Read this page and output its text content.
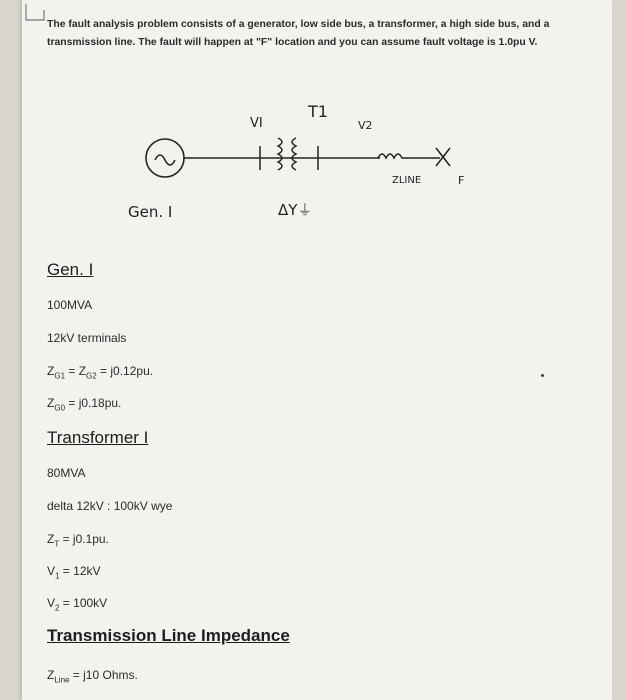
The fault analysis problem consists of a generator, low side bus, a transformer, a high side bus, and a transmission line. The fault will happen at "F" location and you can assume fault voltage is 1.0pu V.
VI
T1
V2
ZLINE	F
Gen. I	ΔY⏚
Gen. I
100MVA
12kV terminals
$Z_{G1} = Z_{G2} = j0.12pu$.
$Z_{G0} = j0.18pu$.
Transformer I
80MVA
delta 12kV : 100kV wye
$Z_T = j0.1pu$.
$V_1 = 12kV$
$V_2 = 100kV$
Transmission Line Impedance
$Z_{Line} = j10$ Ohms.
